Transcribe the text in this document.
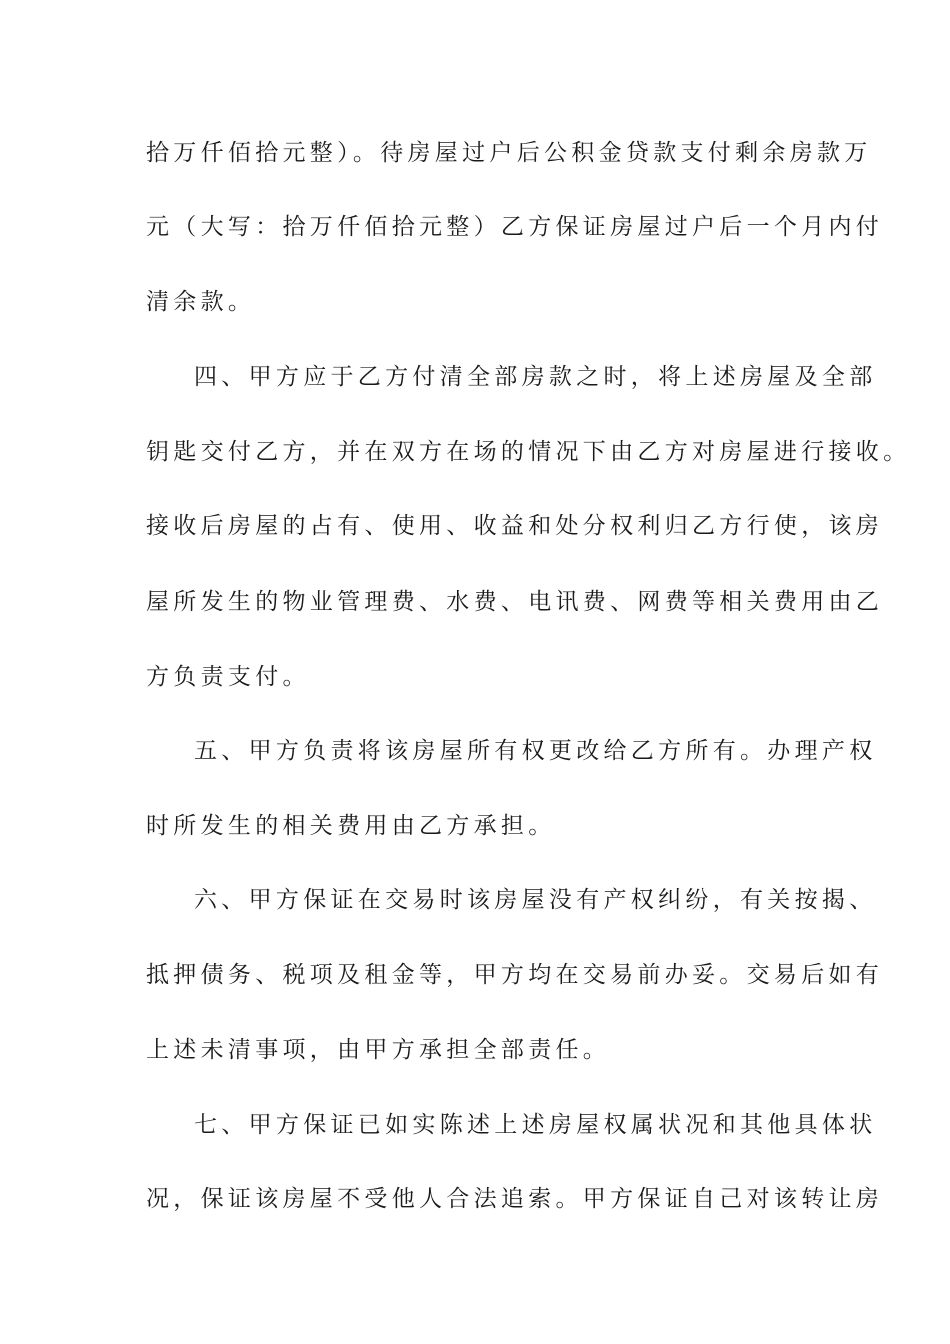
拾万仟佰拾元整）。待房屋过户后公积金贷款支付剩余房款万
元（大写：拾万仟佰拾元整）乙方保证房屋过户后一个月内付
清余款。
四、甲方应于乙方付清全部房款之时，将上述房屋及全部
钥匙交付乙方，并在双方在场的情况下由乙方对房屋进行接收。
接收后房屋的占有、使用、收益和处分权利归乙方行使，该房
屋所发生的物业管理费、水费、电讯费、网费等相关费用由乙
方负责支付。
五、甲方负责将该房屋所有权更改给乙方所有。办理产权
时所发生的相关费用由乙方承担。
六、甲方保证在交易时该房屋没有产权纠纷，有关按揭、
抵押债务、税项及租金等，甲方均在交易前办妥。交易后如有
上述未清事项，由甲方承担全部责任。
七、甲方保证已如实陈述上述房屋权属状况和其他具体状
况，保证该房屋不受他人合法追索。甲方保证自己对该转让房
